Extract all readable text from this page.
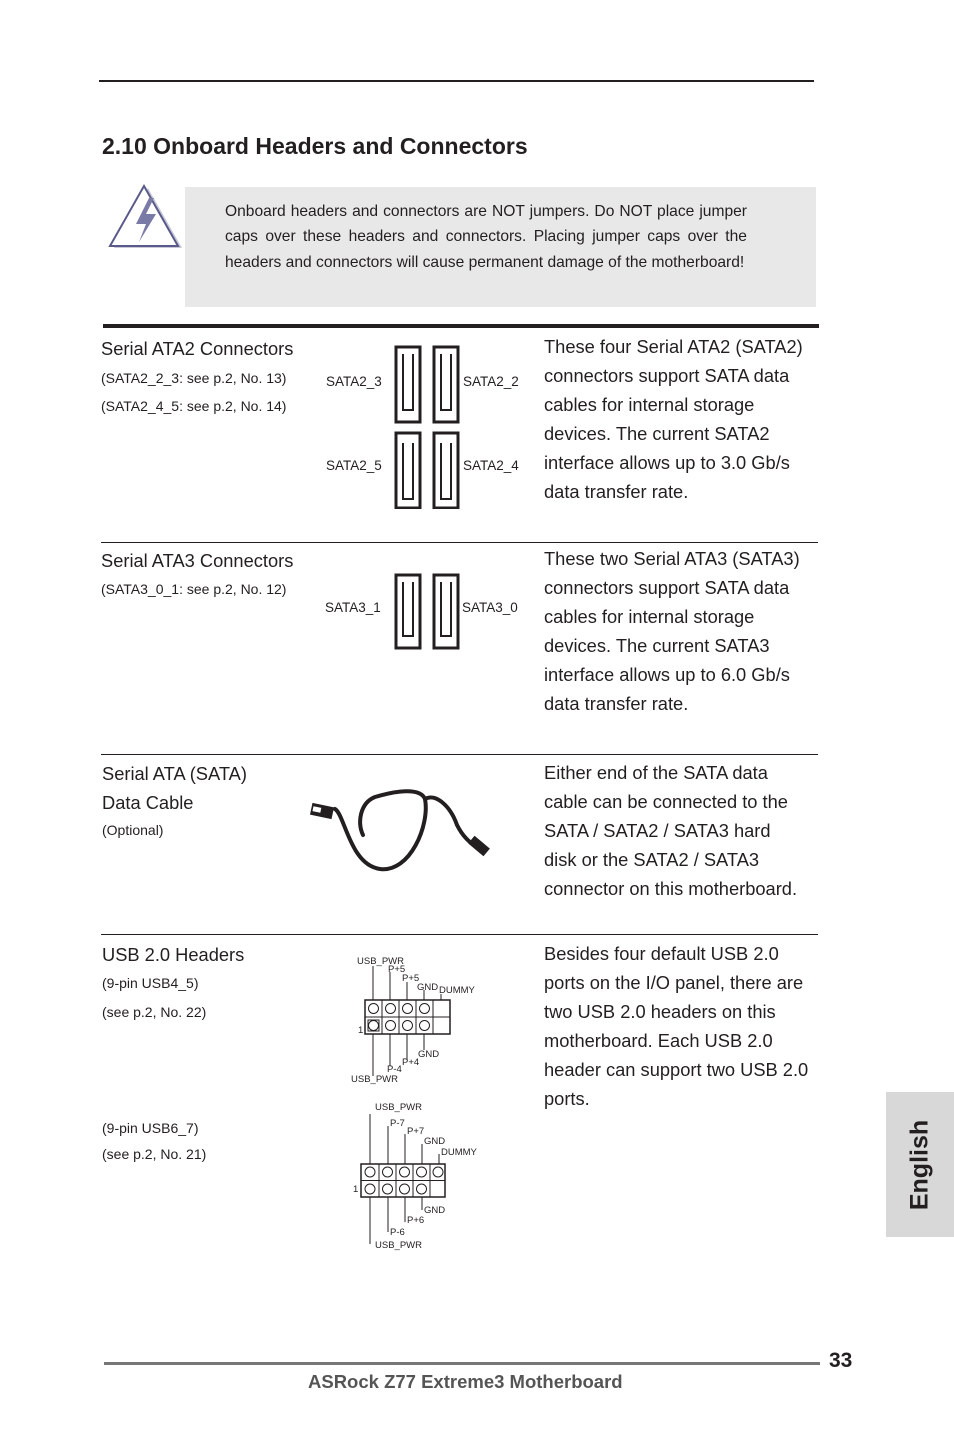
2.10 Onboard Headers and Connectors
Onboard headers and connectors are NOT jumpers. Do NOT place jumper caps over these headers and connectors. Placing jumper caps over the headers and connectors will cause permanent damage of the motherboard!
Serial ATA2 Connectors
(SATA2_2_3: see p.2, No. 13)
(SATA2_4_5: see p.2, No. 14)
SATA2_3	SATA2_2
SATA2_5	SATA2_4
These four Serial ATA2 (SATA2)
connectors support SATA data
cables for internal storage
devices. The current SATA2
interface allows up to 3.0 Gb/s
data transfer rate.
Serial ATA3 Connectors
(SATA3_0_1: see p.2, No. 12)
SATA3_1	SATA3_0
These two Serial ATA3 (SATA3)
connectors support SATA data
cables for internal storage
devices. The current SATA3
interface allows up to 6.0 Gb/s
data transfer rate.
Serial ATA (SATA)
Data Cable
(Optional)
Either end of the SATA data
cable can be connected to the
SATA / SATA2 / SATA3 hard
disk or the SATA2 / SATA3
connector on this motherboard.
USB 2.0 Headers
(9-pin USB4_5)
(see p.2, No. 22)
(9-pin USB6_7)
(see p.2, No. 21)
USB_PWR
P+5
P+5
GND DUMMY
1
GND
P+4
P-4
USB_PWR
USB_PWR
P-7
P+7
GND
DUMMY
1
GND
P+6
P-6
USB_PWR
Besides four default USB 2.0
ports on the I/O panel, there are
two USB 2.0 headers on this
motherboard. Each USB 2.0
header can support two USB 2.0
ports.
English
33
ASRock Z77 Extreme3 Motherboard
